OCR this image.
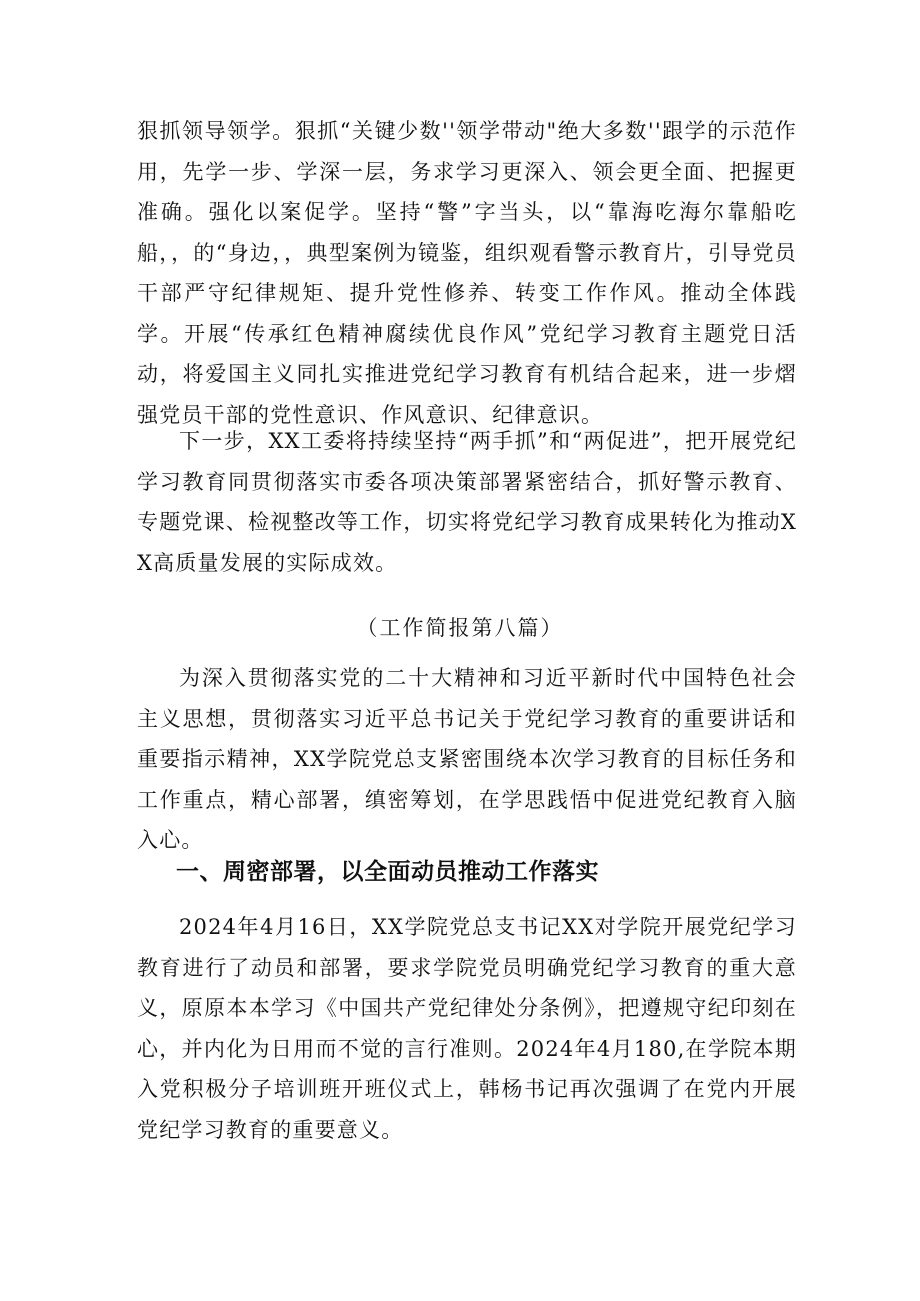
狠抓领导领学。狠抓“关键少数''领学带动"绝大多数''跟学的示范作用，先学一步、学深一层，务求学习更深入、领会更全面、把握更准确。强化以案促学。坚持“警”字当头，以“靠海吃海尔靠船吃船，，的“身边，，典型案例为镜鉴，组织观看警示教育片，引导党员干部严守纪律规矩、提升党性修养、转变工作作风。推动全体践学。开展“传承红色精神腐续优良作风”党纪学习教育主题党日活动，将爱国主义同扎实推进党纪学习教育有机结合起来，进一步熠强党员干部的党性意识、作风意识、纪律意识。

下一步，XX工委将持续坚持“两手抓”和“两促进”，把开展党纪学习教育同贯彻落实市委各项决策部署紧密结合，抓好警示教育、专题党课、检视整改等工作，切实将党纪学习教育成果转化为推动XX高质量发展的实际成效。

（工作简报第八篇）

为深入贯彻落实党的二十大精神和习近平新时代中国特色社会主义思想，贯彻落实习近平总书记关于党纪学习教育的重要讲话和重要指示精神，XX学院党总支紧密围绕本次学习教育的目标任务和工作重点，精心部署，缜密筹划，在学思践悟中促进党纪教育入脑入心。

一、周密部署，以全面动员推动工作落实

2024年4月16日，XX学院党总支书记XX对学院开展党纪学习教育进行了动员和部署，要求学院党员明确党纪学习教育的重大意义，原原本本学习《中国共产党纪律处分条例》，把遵规守纪印刻在心，并内化为日用而不觉的言行准则。2024年4月180,在学院本期入党积极分子培训班开班仪式上，韩杨书记再次强调了在党内开展党纪学习教育的重要意义。
